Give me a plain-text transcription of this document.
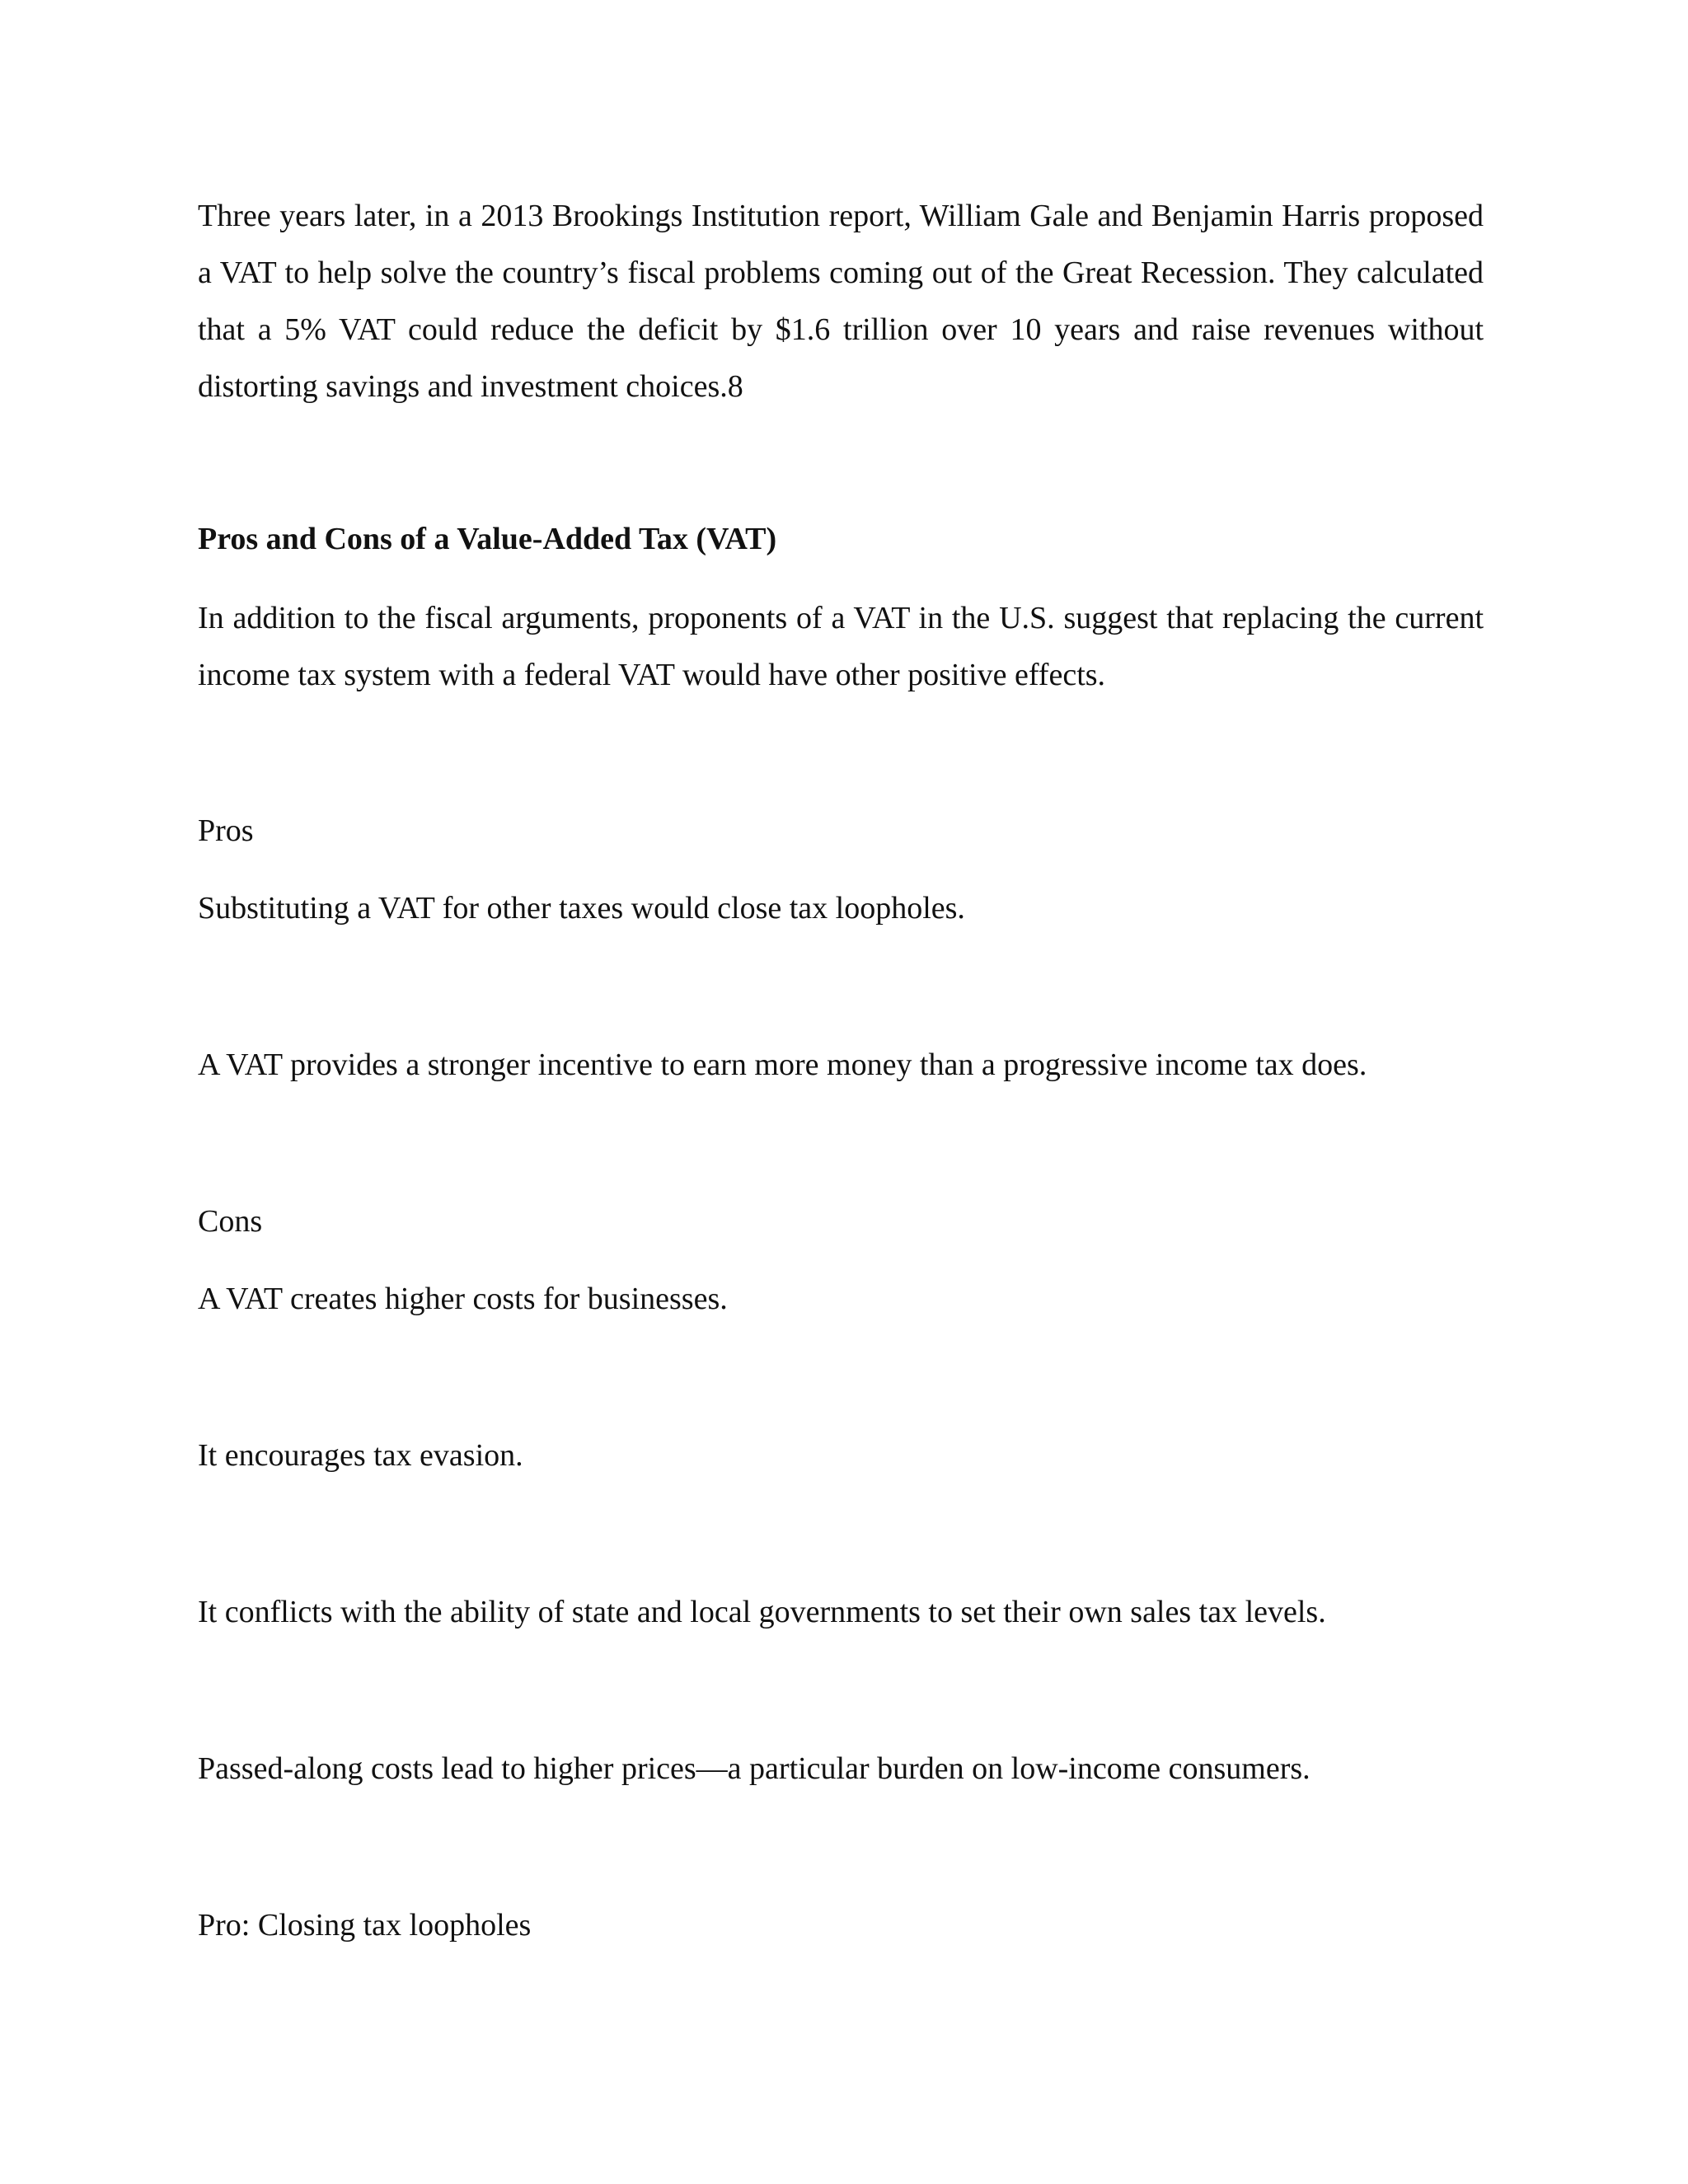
Three years later, in a 2013 Brookings Institution report, William Gale and Benjamin Harris proposed a VAT to help solve the country’s fiscal problems coming out of the Great Recession. They calculated that a 5% VAT could reduce the deficit by $1.6 trillion over 10 years and raise revenues without distorting savings and investment choices.8

Pros and Cons of a Value-Added Tax (VAT)

In addition to the fiscal arguments, proponents of a VAT in the U.S. suggest that replacing the current income tax system with a federal VAT would have other positive effects.

Pros

Substituting a VAT for other taxes would close tax loopholes.

A VAT provides a stronger incentive to earn more money than a progressive income tax does.

Cons

A VAT creates higher costs for businesses.

It encourages tax evasion.

It conflicts with the ability of state and local governments to set their own sales tax levels.

Passed-along costs lead to higher prices—a particular burden on low-income consumers.

Pro: Closing tax loopholes
